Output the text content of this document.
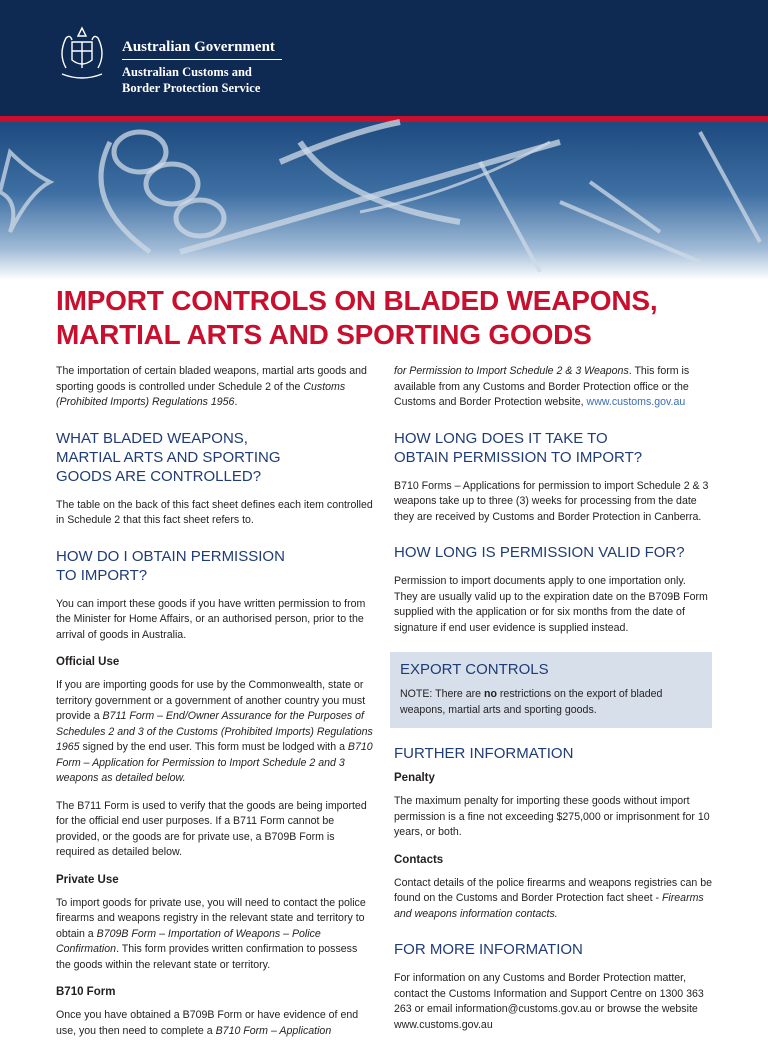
Australian Government
Australian Customs and
Border Protection Service
IMPORT CONTROLS ON BLADED WEAPONS,
MARTIAL ARTS AND SPORTING GOODS

The importation of certain bladed weapons, martial arts goods and sporting goods is controlled under Schedule 2 of the Customs (Prohibited Imports) Regulations 1956.

WHAT BLADED WEAPONS, MARTIAL ARTS AND SPORTING GOODS ARE CONTROLLED?

The table on the back of this fact sheet defines each item controlled in Schedule 2 that this fact sheet refers to.

HOW DO I OBTAIN PERMISSION TO IMPORT?

You can import these goods if you have written permission to from the Minister for Home Affairs, or an authorised person, prior to the arrival of goods in Australia.

Official Use

If you are importing goods for use by the Commonwealth, state or territory government or a government of another country you must provide a B711 Form – End/Owner Assurance for the Purposes of Schedules 2 and 3 of the Customs (Prohibited Imports) Regulations 1965 signed by the end user. This form must be lodged with a B710 Form – Application for Permission to Import Schedule 2 and 3 weapons as detailed below.

The B711 Form is used to verify that the goods are being imported for the official end user purposes. If a B711 Form cannot be provided, or the goods are for private use, a B709B Form is required as detailed below.

Private Use

To import goods for private use, you will need to contact the police firearms and weapons registry in the relevant state and territory to obtain a B709B Form – Importation of Weapons – Police Confirmation. This form provides written confirmation to possess the goods within the relevant state or territory.

B710 Form

Once you have obtained a B709B Form or have evidence of end use, you then need to complete a B710 Form – Application

for Permission to Import Schedule 2 & 3 Weapons. This form is available from any Customs and Border Protection office or the Customs and Border Protection website, www.customs.gov.au

HOW LONG DOES IT TAKE TO OBTAIN PERMISSION TO IMPORT?

B710 Forms – Applications for permission to import Schedule 2 & 3 weapons take up to three (3) weeks for processing from the date they are received by Customs and Border Protection in Canberra.

HOW LONG IS PERMISSION VALID FOR?

Permission to import documents apply to one importation only. They are usually valid up to the expiration date on the B709B Form supplied with the application or for six months from the date of signature if end user evidence is supplied instead.

EXPORT CONTROLS

NOTE: There are no restrictions on the export of bladed weapons, martial arts and sporting goods.

FURTHER INFORMATION
Penalty

The maximum penalty for importing these goods without import permission is a fine not exceeding $275,000 or imprisonment for 10 years, or both.

Contacts

Contact details of the police firearms and weapons registries can be found on the Customs and Border Protection fact sheet - Firearms and weapons information contacts.

FOR MORE INFORMATION

For information on any Customs and Border Protection matter, contact the Customs Information and Support Centre on 1300 363 263 or email information@customs.gov.au or browse the website www.customs.gov.au
